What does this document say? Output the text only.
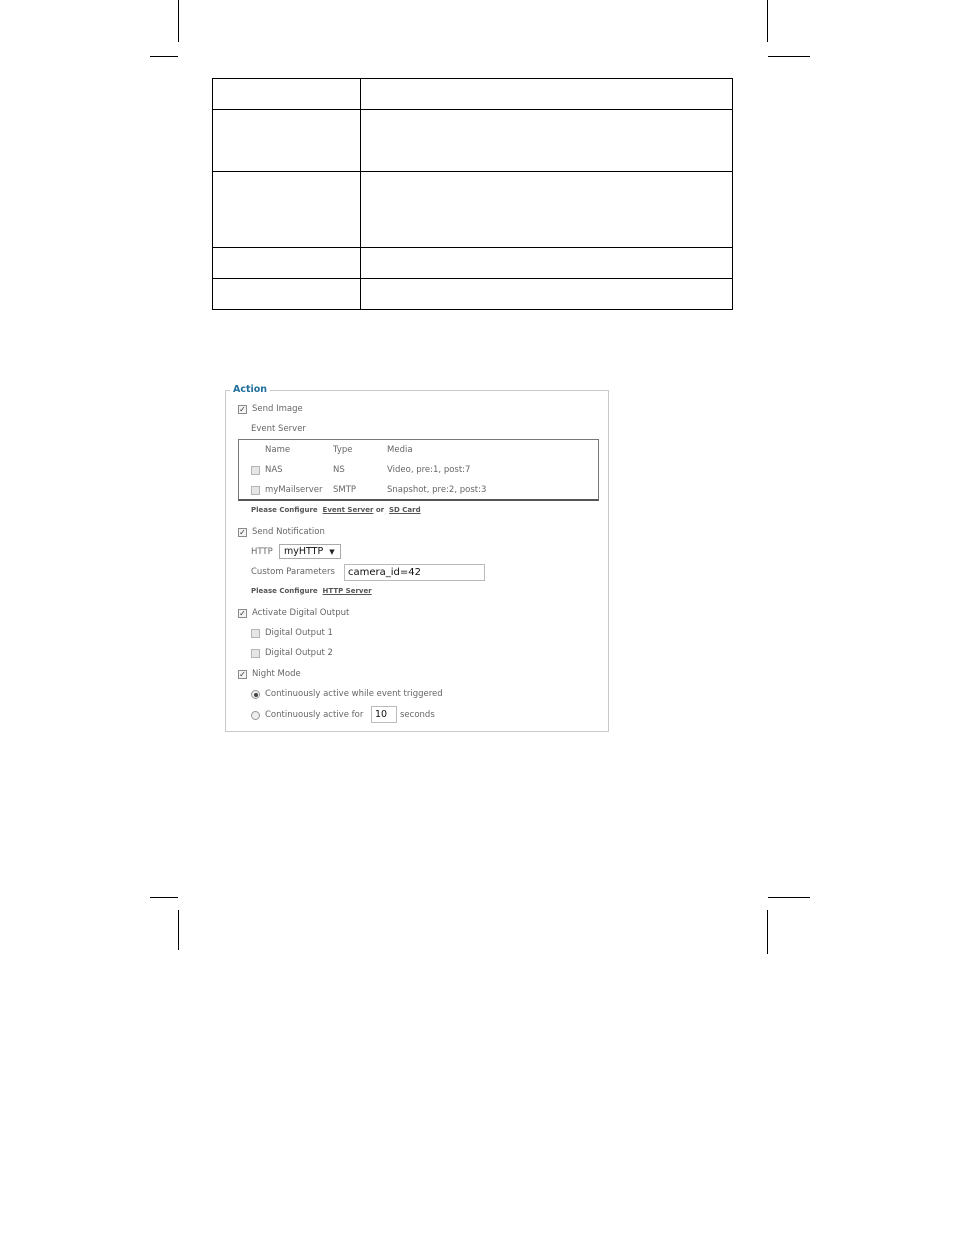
Action
✓ Send Image
Event Server
Name	Type	Media
NAS	NS	Video, pre:1, post:7
myMailserver SMTP	Snapshot, pre:2, post:3
Please Configure Event Server or SD Card
✓ Send Notification
HTTP myHTTP ▼
Custom Parameters camera_id=42
Please Configure HTTP Server
✓ Activate Digital Output
Digital Output 1
Digital Output 2
✓ Night Mode
Continuously active while event triggered
Continuously active for 10 seconds
